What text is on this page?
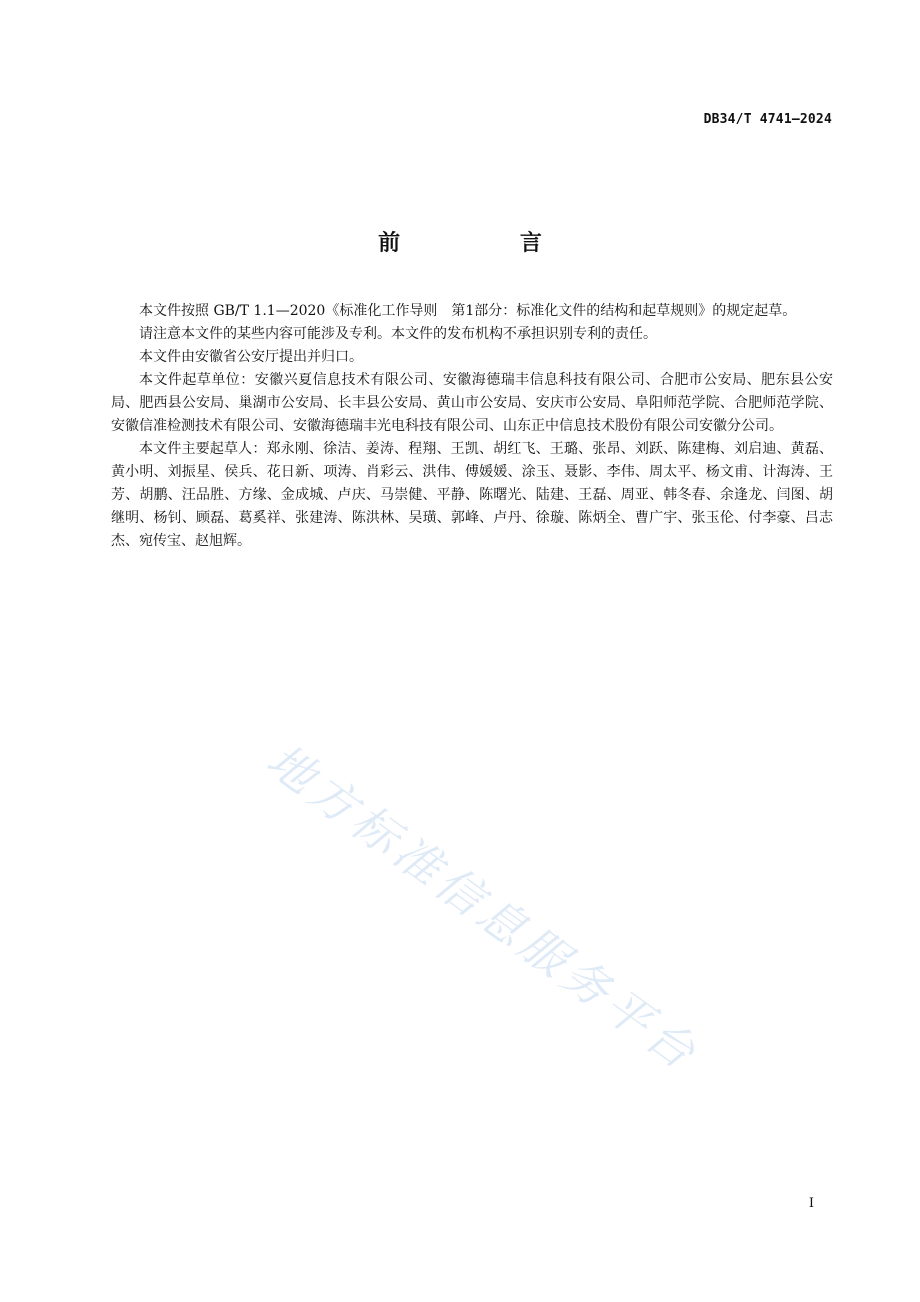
DB34/T 4741—2024
前 言

本文件按照 GB/T 1.1—2020《标准化工作导则　第1部分：标准化文件的结构和起草规则》的规定起草。

请注意本文件的某些内容可能涉及专利。本文件的发布机构不承担识别专利的责任。

本文件由安徽省公安厅提出并归口。

本文件起草单位：安徽兴夏信息技术有限公司、安徽海德瑞丰信息科技有限公司、合肥市公安局、肥东县公安局、肥西县公安局、巢湖市公安局、长丰县公安局、黄山市公安局、安庆市公安局、阜阳师范学院、合肥师范学院、安徽信准检测技术有限公司、安徽海德瑞丰光电科技有限公司、山东正中信息技术股份有限公司安徽分公司。

本文件主要起草人：郑永刚、徐洁、姜涛、程翔、王凯、胡红飞、王璐、张昂、刘跃、陈建梅、刘启迪、黄磊、黄小明、刘振星、侯兵、花日新、项涛、肖彩云、洪伟、傅媛媛、涂玉、聂影、李伟、周太平、杨文甫、计海涛、王芳、胡鹏、汪品胜、方缘、金成城、卢庆、马崇健、平静、陈曙光、陆建、王磊、周亚、韩冬春、余逢龙、闫图、胡继明、杨钊、顾磊、葛奚祥、张建涛、陈洪林、吴璜、郭峰、卢丹、徐璇、陈炳全、曹广宇、张玉伦、付李豪、吕志杰、宛传宝、赵旭辉。

地方标准信息服务平台
I
